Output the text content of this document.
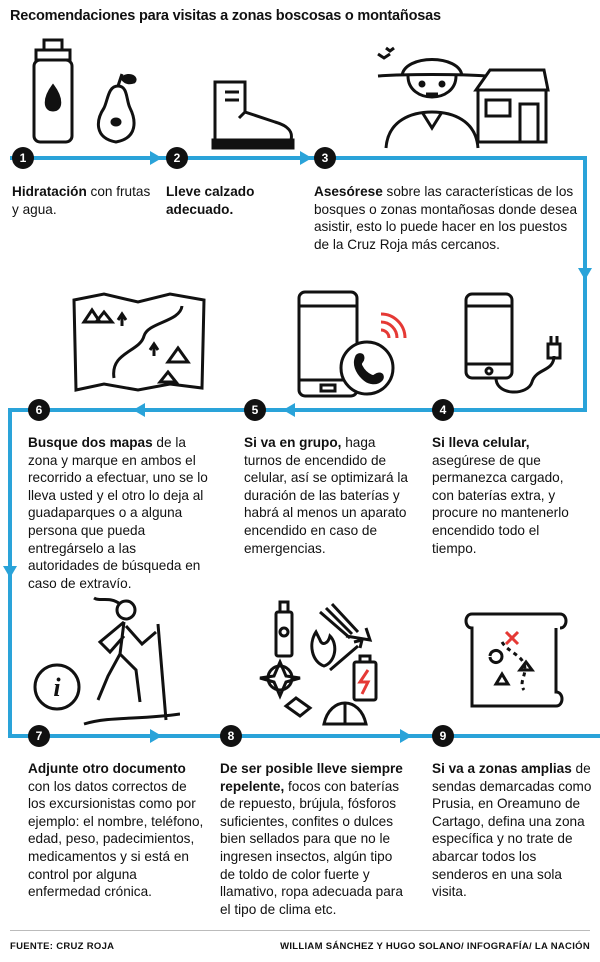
Recomendaciones para visitas a zonas boscosas o montañosas
i
1	2	3
4
5
6
7	8	9
Hidratación con frutas y agua.
Lleve calzado adecuado.
Asesórese sobre las características de los bosques o zonas montañosas donde desea asistir, esto lo puede hacer en los puestos de la Cruz Roja más cercanos.
Si lleva celular, asegúrese de que permanezca cargado, con baterías extra, y procure no mantenerlo encendido todo el tiempo.
Si va en grupo, haga turnos de encendido de celular, así se optimizará la duración de las baterías y habrá al menos un aparato encendido en caso de emergencias.
Busque dos mapas de la zona y marque en ambos el recorrido a efectuar, uno se lo lleva usted y el otro lo deja al guadaparques o a alguna persona que pueda entregárselo a las autoridades de búsqueda en caso de extravío.
Adjunte otro documento con los datos correctos de los excursionistas como por ejemplo: el nombre, teléfono, edad, peso, padecimientos, medicamentos y si está en control por alguna enfermedad crónica.
De ser posible lleve siempre repelente, focos con baterías de repuesto, brújula, fósforos suficientes, confites o dulces bien sellados para que no le ingresen insectos, algún tipo de toldo de color fuerte y llamativo, ropa adecuada para el tipo de clima etc.
Si va a zonas amplias de sendas demarcadas como Prusia, en Oreamuno de Cartago, defina una zona específica y no trate de abarcar todos los senderos en una sola visita.
FUENTE: CRUZ ROJA	WILLIAM SÁNCHEZ Y HUGO SOLANO/ INFOGRAFÍA/ LA NACIÓN
